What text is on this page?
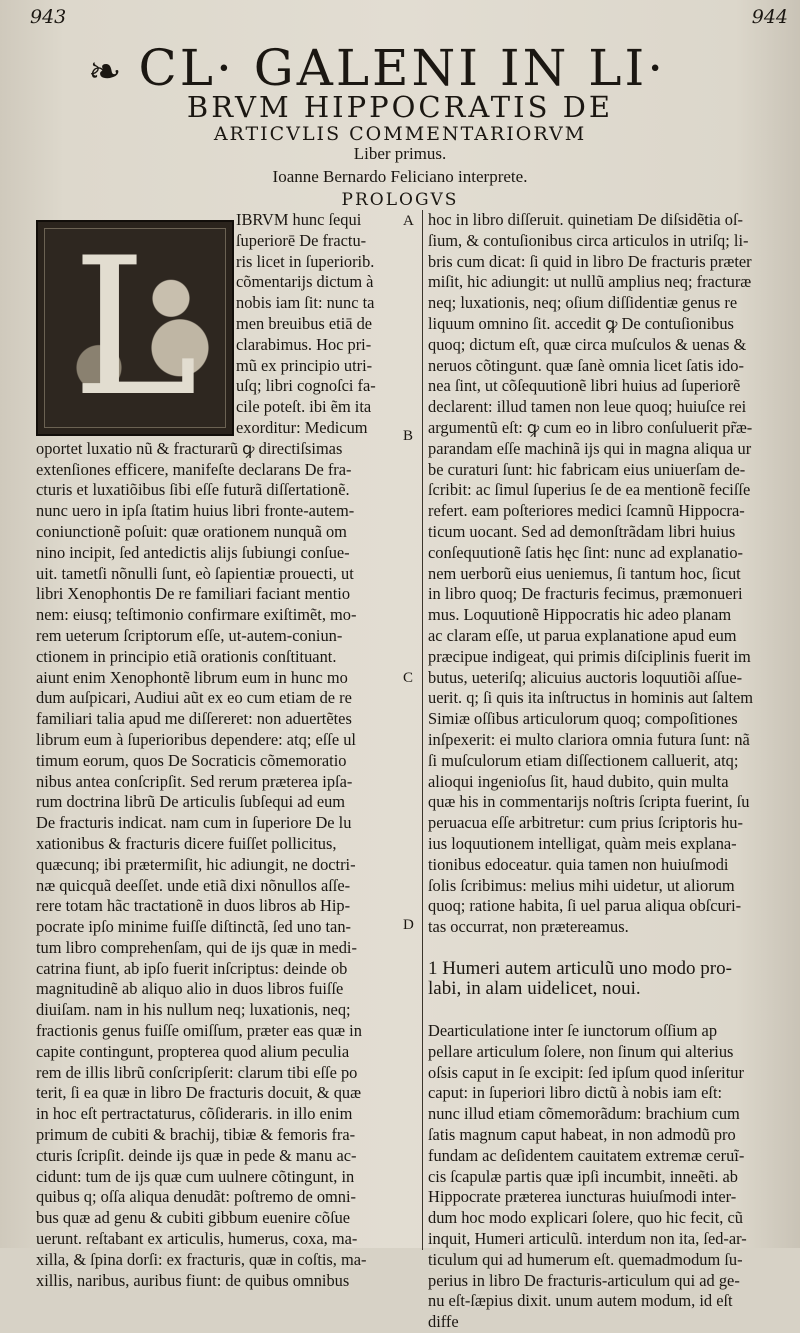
943	944
❧ CL· GALENI IN LI·
BRVM HIPPOCRATIS DE
ARTICVLIS COMMENTARIORVM
Liber primus.
Ioanne Bernardo Feliciano interprete.
PROLOGVS
L	IBRVM hunc ſequi
ſuperiorē De fractu-
ris licet in ſuperiorib.
cõmentarijs dictum à
nobis iam ſit: nunc ta
men breuibus etiā de
clarabimus. Hoc pri-
mũ ex principio utri-
uſq; libri cognoſci fa-
cile poteſt. ibi ẽm ita
exorditur: Medicum
oportet luxatio nũ & fracturarũ ꝙ directiſsimas
extenſiones efficere, manifeſte declarans De fra-
cturis et luxatiõibus ſibi eſſe futurã diſſertationẽ.
nunc uero in ipſa ſtatim huius libri fronte-autem-
coniunctionẽ poſuit: quæ orationem nunquã om
nino incipit, ſed antedictis alijs ſubiungi conſue-
uit. tametſi nõnulli ſunt, eò ſapientiæ prouecti, ut
libri Xenophontis De re familiari faciant mentio
nem: eiusq; teſtimonio confirmare exiſtimẽt, mo-
rem ueterum ſcriptorum eſſe, ut-autem-coniun-
ctionem in principio etiã orationis conſtituant.
aiunt enim Xenophontẽ librum eum in hunc mo
dum auſpicari, Audiui aũt ex eo cum etiam de re
familiari talia apud me diſſereret: non aduertẽtes
librum eum à ſuperioribus dependere: atq; eſſe ul
timum eorum, quos De Socraticis cõmemoratio
nibus antea conſcripſit. Sed rerum præterea ipſa-
rum doctrina librũ De articulis ſubſequi ad eum
De fracturis indicat. nam cum in ſuperiore De lu
xationibus & fracturis dicere fuiſſet pollicitus,
quæcunq; ibi prætermiſit, hic adiungit, ne doctri-
næ quicquã deeſſet. unde etiã dixi nõnullos aſſe-
rere totam hãc tractationẽ in duos libros ab Hip-
pocrate ipſo minime fuiſſe diſtinctã, ſed uno tan-
tum libro comprehenſam, qui de ijs quæ in medi-
catrina fiunt, ab ipſo fuerit inſcriptus: deinde ob
magnitudinẽ ab aliquo alio in duos libros fuiſſe
diuiſam. nam in his nullum neq; luxationis, neq;
fractionis genus fuiſſe omiſſum, præter eas quæ in
capite contingunt, propterea quod alium peculia
rem de illis librũ conſcripſerit: clarum tibi eſſe po
terit, ſi ea quæ in libro De fracturis docuit, & quæ
in hoc eſt pertractaturus, cõſideraris. in illo enim
primum de cubiti & brachij, tibiæ & femoris fra-
cturis ſcripſit. deinde ijs quæ in pede & manu ac-
cidunt: tum de ijs quæ cum uulnere cõtingunt, in
quibus q; oſſa aliqua denudãt: poſtremo de omni-
bus quæ ad genu & cubiti gibbum euenire cõſue
uerunt. reſtabant ex articulis, humerus, coxa, ma-
xilla, & ſpina dorſi: ex fracturis, quæ in coſtis, ma-
xillis, naribus, auribus fiunt: de quibus omnibus
hoc in libro diſſeruit. quinetiam De diſsidẽtia oſ-
ſium, & contuſionibus circa articulos in utriſq; li-
bris cum dicat: ſi quid in libro De fracturis præter
miſit, hic adiungit: ut nullũ amplius neq; fracturæ
neq; luxationis, neq; oſium diſſidentiæ genus re
liquum omnino ſit. accedit ꝙ De contuſionibus
quoq; dictum eſt, quæ circa muſculos & uenas &
neruos cõtingunt. quæ ſanè omnia licet ſatis ido-
nea ſint, ut cõſequutionẽ libri huius ad ſuperiorẽ
declarent: illud tamen non leue quoq; huiuſce rei
argumentũ eſt: ꝙ cum eo in libro conſuluerit pr̃æ-
parandam eſſe machinã ijs qui in magna aliqua ur
be curaturi ſunt: hic fabricam eius uniuerſam de-
ſcribit: ac ſimul ſuperius ſe de ea mentionẽ feciſſe
refert. eam poſteriores medici ſcamnũ Hippocra-
ticum uocant. Sed ad demonſtrãdam libri huius
conſequutionẽ ſatis hęc ſint: nunc ad explanatio-
nem uerborũ eius ueniemus, ſi tantum hoc, ſicut
in libro quoq; De fracturis fecimus, præmonueri
mus. Loquutionẽ Hippocratis hic adeo planam
ac claram eſſe, ut parua explanatione apud eum
præcipue indigeat, qui primis diſciplinis fuerit im
butus, ueteriſq; alicuius auctoris loquutiõi aſſue-
uerit. q; ſi quis ita inſtructus in hominis aut ſaltem
Simiæ oſſibus articulorum quoq; compoſitiones
inſpexerit: ei multo clariora omnia futura ſunt: nã
ſi muſculorum etiam diſſectionem calluerit, atq;
alioqui ingenioſus ſit, haud dubito, quin multa
quæ his in commentarijs noſtris ſcripta fuerint, ſu
peruacua eſſe arbitretur: cum prius ſcriptoris hu-
ius loquutionem intelligat, quàm meis explana-
tionibus edoceatur. quia tamen non huiuſmodi
ſolis ſcribimus: melius mihi uidetur, ut aliorum
quoq; ratione habita, ſi uel parua aliqua obſcuri-
tas occurrat, non prætereamus.
1 Humeri autem articulũ uno modo pro-
labi, in alam uidelicet, noui.
Dearticulatione inter ſe iunctorum oſſium ap
pellare articulum ſolere, non ſinum qui alterius
oſsis caput in ſe excipit: ſed ipſum quod inſeritur
caput: in ſuperiori libro dictũ à nobis iam eſt:
nunc illud etiam cõmemorãdum: brachium cum
ſatis magnum caput habeat, in non admodũ pro
fundam ac deſidentem cauitatem extremæ ceruĩ-
cis ſcapulæ partis quæ ipſi incumbit, inneẽti. ab
Hippocrate præterea iuncturas huiuſmodi inter-
dum hoc modo explicari ſolere, quo hic fecit, cũ
inquit, Humeri articulũ. interdum non ita, ſed-ar-
ticulum qui ad humerum eſt. quemadmodum ſu-
perius in libro De fracturis-articulum qui ad ge-
nu eſt-ſæpius dixit. unum autem modum, id eſt
diffe
A
B
C
D
